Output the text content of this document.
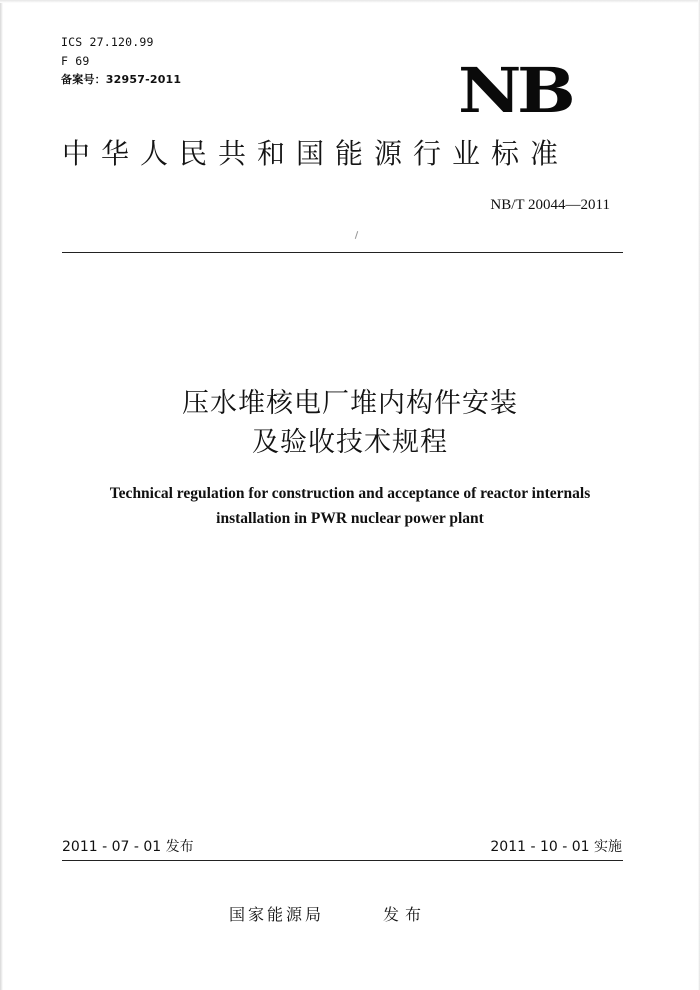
ICS 27.120.99
F 69
备案号：32957-2011	NB
中华人民共和国能源行业标准
NB/T 20044—2011
压水堆核电厂堆内构件安装
及验收技术规程
Technical regulation for construction and acceptance of reactor internals
installation in PWR nuclear power plant
2011 - 07 - 01 发布	2011 - 10 - 01 实施
国家能源局	发布
